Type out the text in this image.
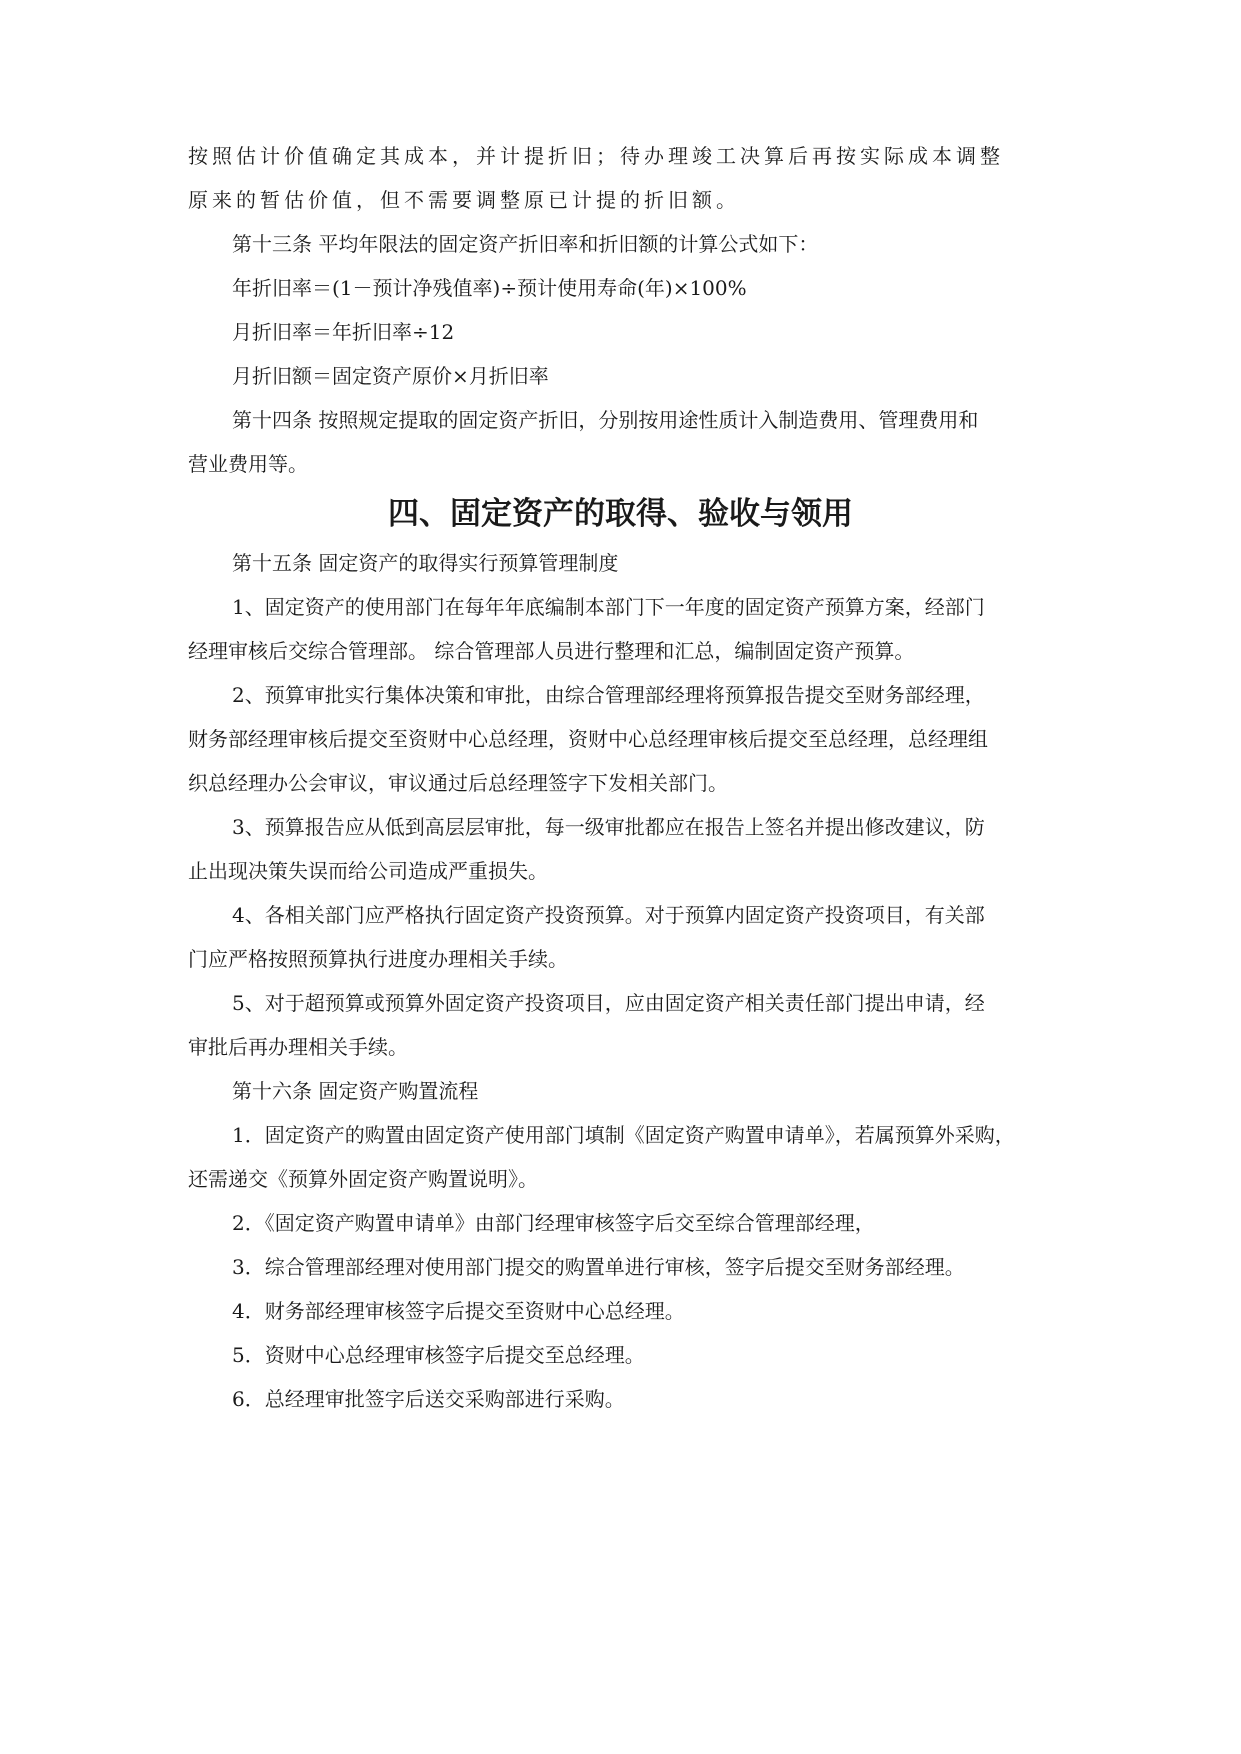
按照估计价值确定其成本，并计提折旧；待办理竣工决算后再按实际成本调整
原来的暂估价值，但不需要调整原已计提的折旧额。
第十三条 平均年限法的固定资产折旧率和折旧额的计算公式如下：
年折旧率＝(1－预计净残值率)÷预计使用寿命(年)×100%
月折旧率＝年折旧率÷12
月折旧额＝固定资产原价×月折旧率
第十四条 按照规定提取的固定资产折旧，分别按用途性质计入制造费用、管理费用和
营业费用等。
四、固定资产的取得、验收与领用
第十五条 固定资产的取得实行预算管理制度
1、固定资产的使用部门在每年年底编制本部门下一年度的固定资产预算方案，经部门
经理审核后交综合管理部。 综合管理部人员进行整理和汇总，编制固定资产预算。
2、预算审批实行集体决策和审批，由综合管理部经理将预算报告提交至财务部经理，
财务部经理审核后提交至资财中心总经理，资财中心总经理审核后提交至总经理，总经理组
织总经理办公会审议，审议通过后总经理签字下发相关部门。
3、预算报告应从低到高层层审批，每一级审批都应在报告上签名并提出修改建议，防
止出现决策失误而给公司造成严重损失。
4、各相关部门应严格执行固定资产投资预算。对于预算内固定资产投资项目，有关部
门应严格按照预算执行进度办理相关手续。
5、对于超预算或预算外固定资产投资项目，应由固定资产相关责任部门提出申请，经
审批后再办理相关手续。
第十六条 固定资产购置流程
1．固定资产的购置由固定资产使用部门填制《固定资产购置申请单》，若属预算外采购，
还需递交《预算外固定资产购置说明》。
2．《固定资产购置申请单》由部门经理审核签字后交至综合管理部经理，
3．综合管理部经理对使用部门提交的购置单进行审核，签字后提交至财务部经理。
4．财务部经理审核签字后提交至资财中心总经理。
5．资财中心总经理审核签字后提交至总经理。
6．总经理审批签字后送交采购部进行采购。
